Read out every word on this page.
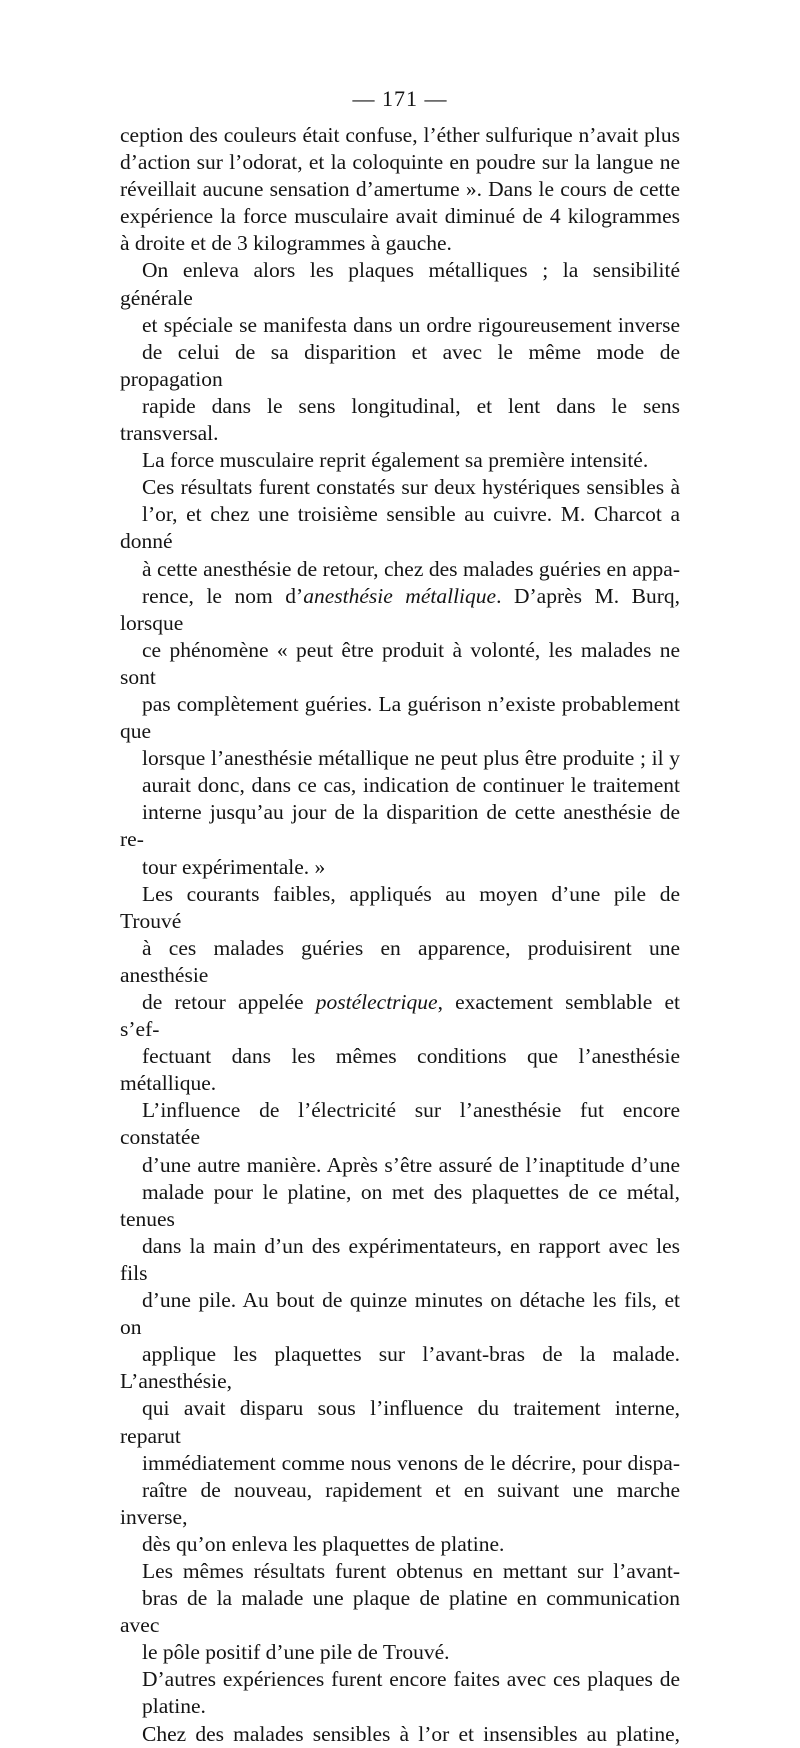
— 171 —

ception des couleurs était confuse, l’éther sulfurique n’avait plus
d’action sur l’odorat, et la coloquinte en poudre sur la langue ne
réveillait aucune sensation d’amertume ». Dans le cours de cette
expérience la force musculaire avait diminué de 4 kilogrammes
à droite et de 3 kilogrammes à gauche.

On enleva alors les plaques métalliques ; la sensibilité générale
et spéciale se manifesta dans un ordre rigoureusement inverse
de celui de sa disparition et avec le même mode de propagation
rapide dans le sens longitudinal, et lent dans le sens transversal.
La force musculaire reprit également sa première intensité.

Ces résultats furent constatés sur deux hystériques sensibles à
l’or, et chez une troisième sensible au cuivre. M. Charcot a donné
à cette anesthésie de retour, chez des malades guéries en appa-
rence, le nom d’anesthésie métallique. D’après M. Burq, lorsque
ce phénomène « peut être produit à volonté, les malades ne sont
pas complètement guéries. La guérison n’existe probablement que
lorsque l’anesthésie métallique ne peut plus être produite ; il y
aurait donc, dans ce cas, indication de continuer le traitement
interne jusqu’au jour de la disparition de cette anesthésie de re-
tour expérimentale. »

Les courants faibles, appliqués au moyen d’une pile de Trouvé
à ces malades guéries en apparence, produisirent une anesthésie
de retour appelée postélectrique, exactement semblable et s’ef-
fectuant dans les mêmes conditions que l’anesthésie métallique.

L’influence de l’électricité sur l’anesthésie fut encore constatée
d’une autre manière. Après s’être assuré de l’inaptitude d’une
malade pour le platine, on met des plaquettes de ce métal, tenues
dans la main d’un des expérimentateurs, en rapport avec les fils
d’une pile. Au bout de quinze minutes on détache les fils, et on
applique les plaquettes sur l’avant-bras de la malade. L’anesthésie,
qui avait disparu sous l’influence du traitement interne, reparut
immédiatement comme nous venons de le décrire, pour dispa-
raître de nouveau, rapidement et en suivant une marche inverse,
dès qu’on enleva les plaquettes de platine.

Les mêmes résultats furent obtenus en mettant sur l’avant-
bras de la malade une plaque de platine en communication avec
le pôle positif d’une pile de Trouvé.

D’autres expériences furent encore faites avec ces plaques de
platine.

Chez des malades sensibles à l’or et insensibles au platine,
